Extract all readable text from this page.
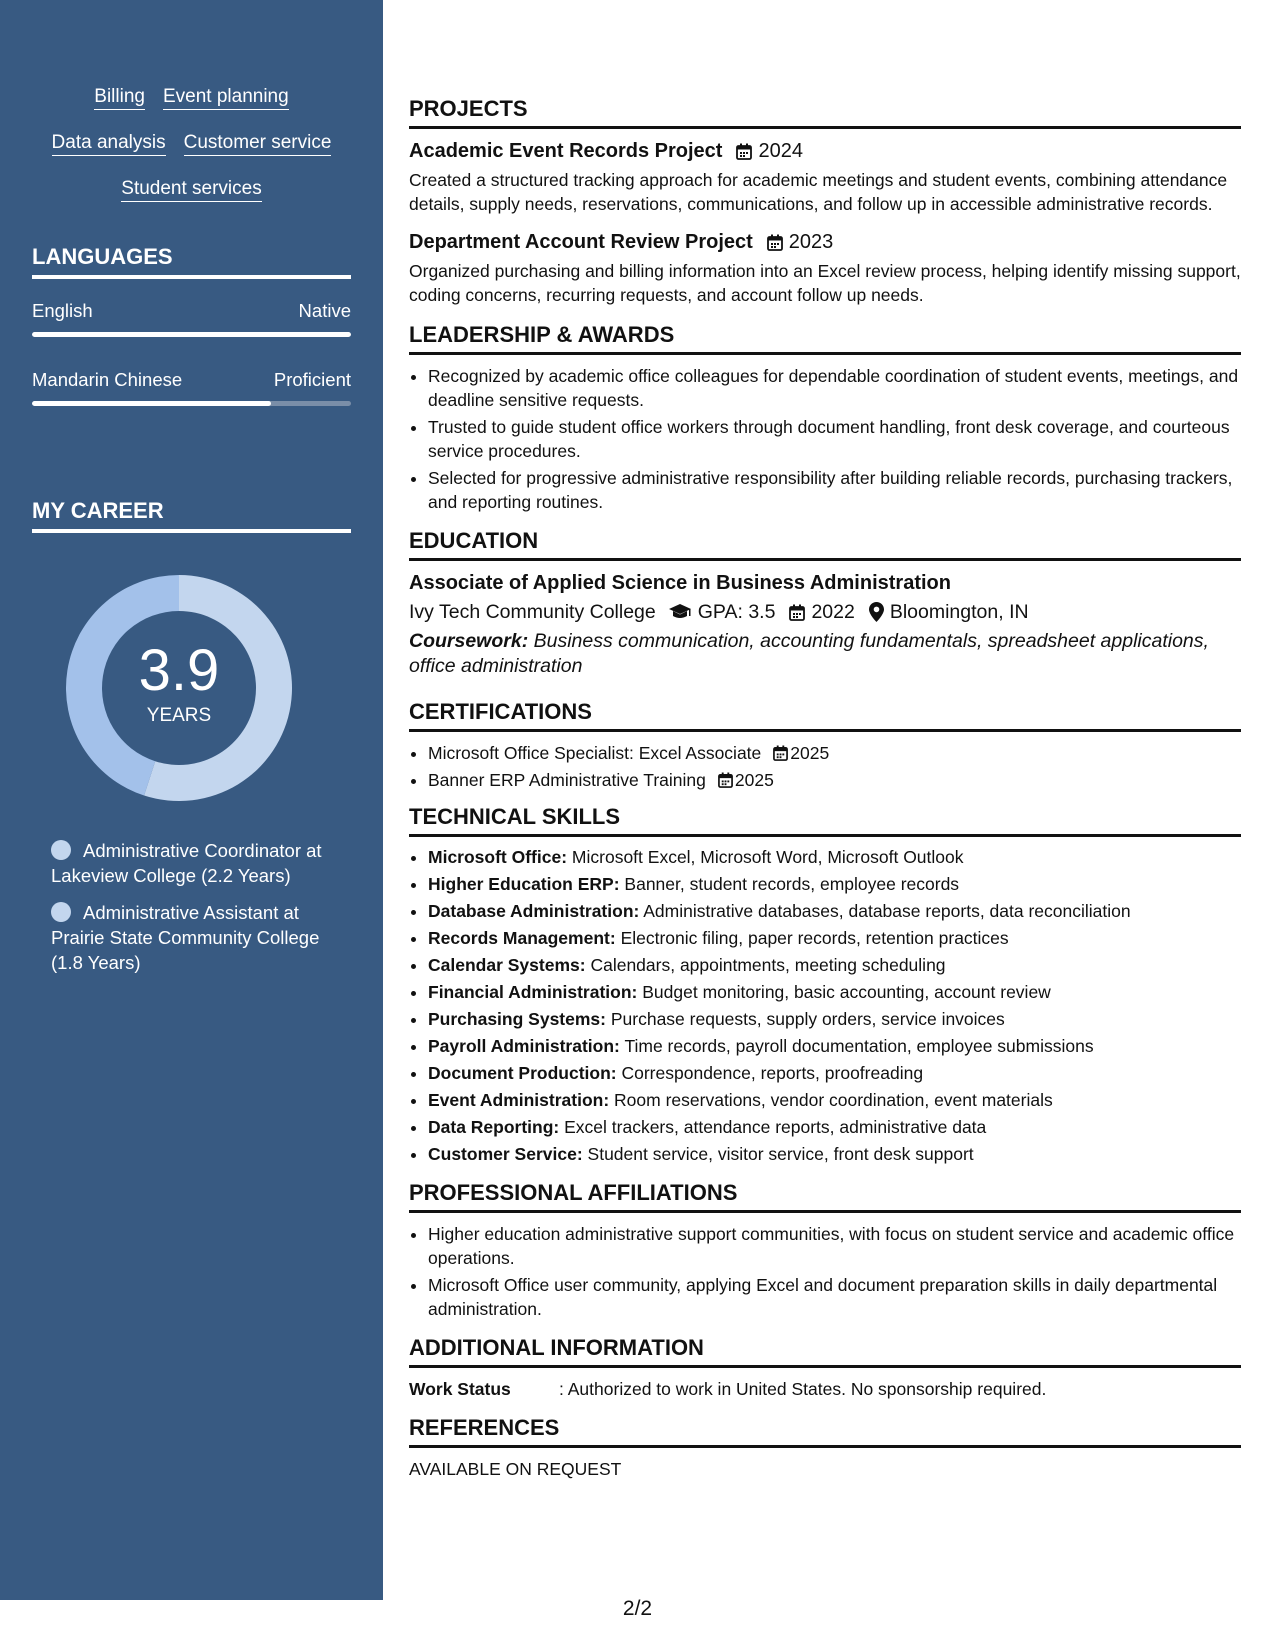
Billing Event planning
Data analysis Customer service
Student services
LANGUAGES
English	Native
Mandarin Chinese	Proficient
MY CAREER
3.9
YEARS
Administrative Coordinator at Lakeview College (2.2 Years)
Administrative Assistant at Prairie State Community College (1.8 Years)
PROJECTS
Academic Event Records Project 2024

Created a structured tracking approach for academic meetings and student events, combining attendance details, supply needs, reservations, communications, and follow up in accessible administrative records.

Department Account Review Project 2023

Organized purchasing and billing information into an Excel review process, helping identify missing support, coding concerns, recurring requests, and account follow up needs.

LEADERSHIP & AWARDS
• Recognized by academic office colleagues for dependable coordination of student events, meetings, and deadline sensitive requests.
• Trusted to guide student office workers through document handling, front desk coverage, and courteous service procedures.
• Selected for progressive administrative responsibility after building reliable records, purchasing trackers, and reporting routines.
EDUCATION
Associate of Applied Science in Business Administration
Ivy Tech Community College GPA: 3.5 2022 Bloomington, IN

Coursework: Business communication, accounting fundamentals, spreadsheet applications, office administration

CERTIFICATIONS
• Microsoft Office Specialist: Excel Associate 2025
• Banner ERP Administrative Training 2025
TECHNICAL SKILLS
• Microsoft Office: Microsoft Excel, Microsoft Word, Microsoft Outlook
• Higher Education ERP: Banner, student records, employee records
• Database Administration: Administrative databases, database reports, data reconciliation
• Records Management: Electronic filing, paper records, retention practices
• Calendar Systems: Calendars, appointments, meeting scheduling
• Financial Administration: Budget monitoring, basic accounting, account review
• Purchasing Systems: Purchase requests, supply orders, service invoices
• Payroll Administration: Time records, payroll documentation, employee submissions
• Document Production: Correspondence, reports, proofreading
• Event Administration: Room reservations, vendor coordination, event materials
• Data Reporting: Excel trackers, attendance reports, administrative data
• Customer Service: Student service, visitor service, front desk support
PROFESSIONAL AFFILIATIONS
• Higher education administrative support communities, with focus on student service and academic office operations.
• Microsoft Office user community, applying Excel and document preparation skills in daily departmental administration.
ADDITIONAL INFORMATION
Work Status	: Authorized to work in United States. No sponsorship required.
REFERENCES

AVAILABLE ON REQUEST

2/2
